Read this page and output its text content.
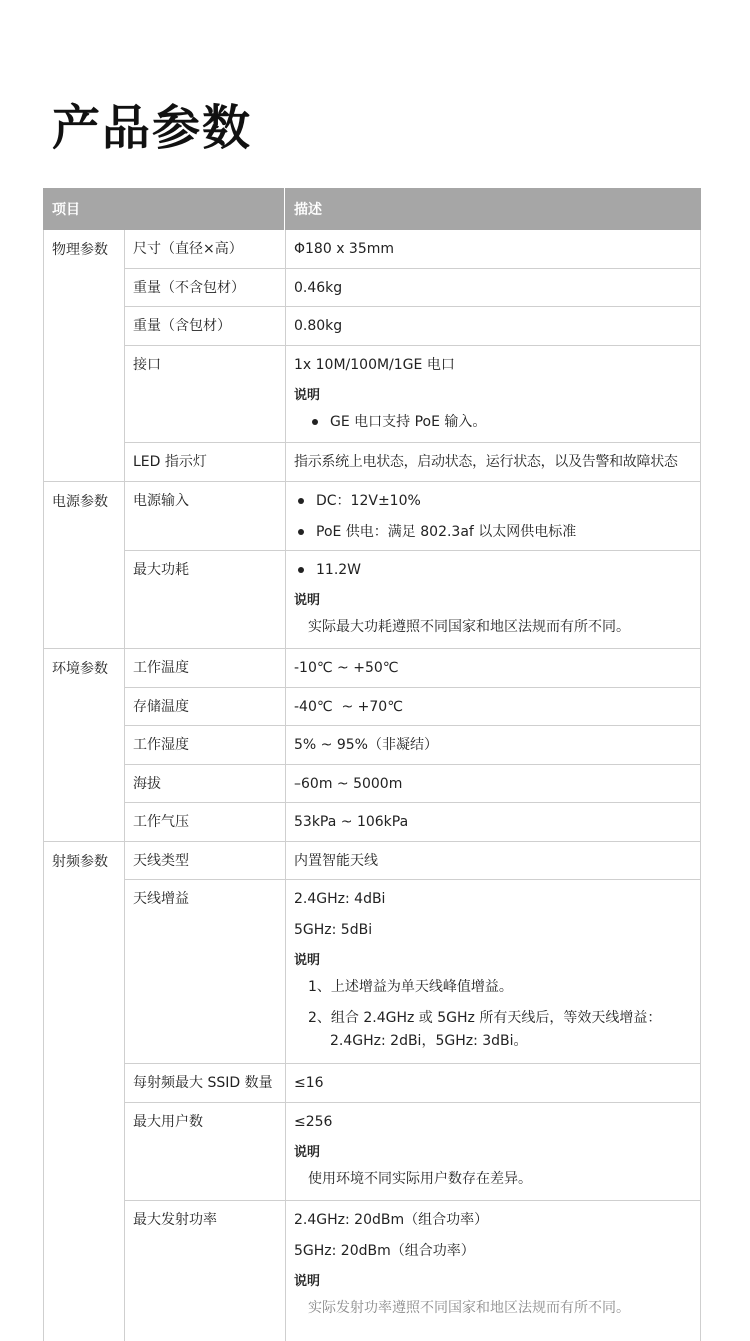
产品参数
项目	描述
物理参数	尺寸（直径×高）	Φ180 x 35mm
重量（不含包材）	0.46kg
重量（含包材）	0.80kg
接口	1x 10M/100M/1GE 电口
说明
GE 电口支持 PoE 输入。
LED 指示灯	指示系统上电状态，启动状态，运行状态，以及告警和故障状态
电源参数	电源输入	DC：12V±10%
PoE 供电：满足 802.3af 以太网供电标准
最大功耗	11.2W
说明
实际最大功耗遵照不同国家和地区法规而有所不同。
环境参数	工作温度	-10℃ ~ +50℃
存储温度	-40℃  ~ +70℃
工作湿度	5% ~ 95%（非凝结）
海拔	–60m ~ 5000m
工作气压	53kPa ~ 106kPa
射频参数	天线类型	内置智能天线
天线增益	2.4GHz: 4dBi
5GHz: 5dBi
说明
1、上述增益为单天线峰值增益。
2、组合 2.4GHz 或 5GHz 所有天线后，等效天线增益：
2.4GHz: 2dBi，5GHz: 3dBi。
每射频最大 SSID 数量	≤16
最大用户数	≤256
说明
使用环境不同实际用户数存在差异。
最大发射功率	2.4GHz: 20dBm（组合功率）
5GHz: 20dBm（组合功率）
说明
实际发射功率遵照不同国家和地区法规而有所不同。
